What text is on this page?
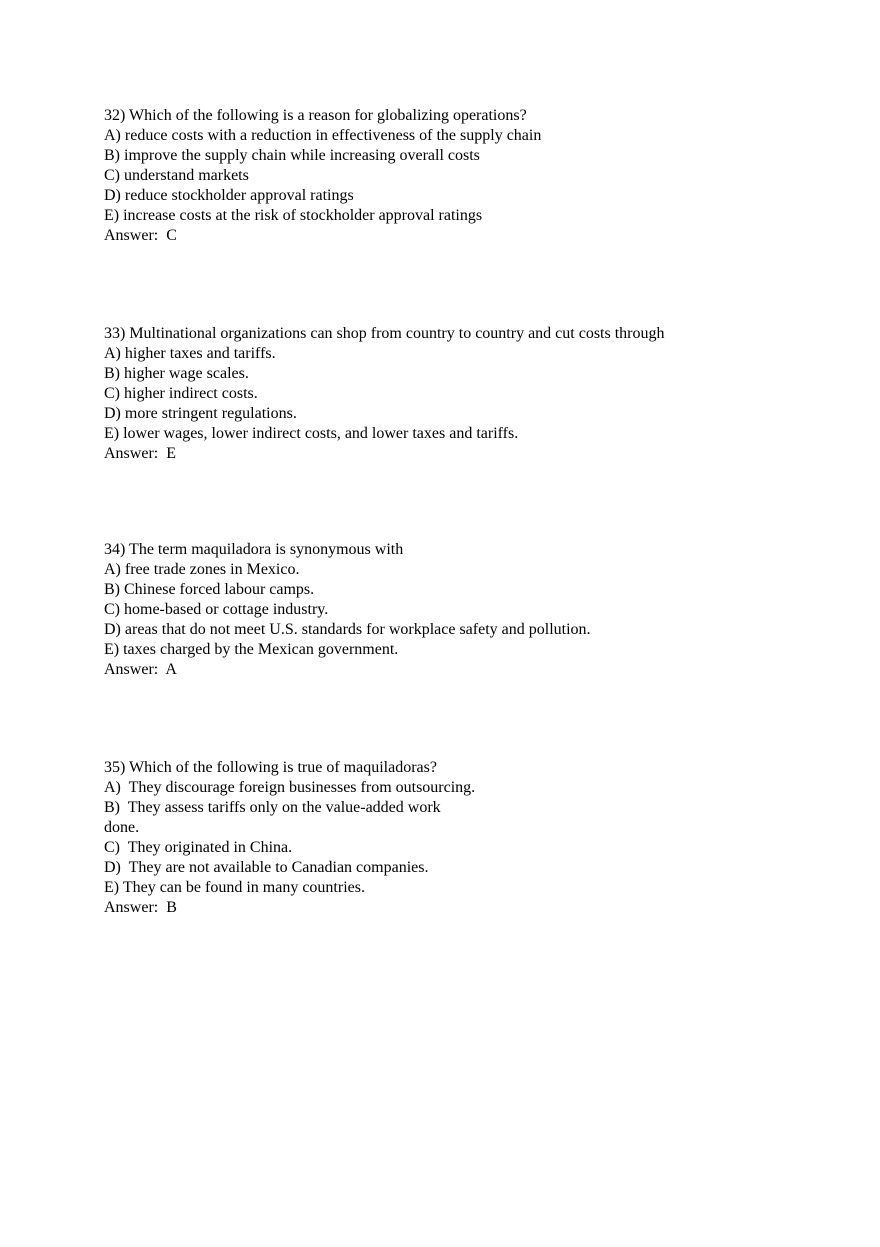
32) Which of the following is a reason for globalizing operations?
A) reduce costs with a reduction in effectiveness of the supply chain
B) improve the supply chain while increasing overall costs
C) understand markets
D) reduce stockholder approval ratings
E) increase costs at the risk of stockholder approval ratings
Answer:  C
33) Multinational organizations can shop from country to country and cut costs through
A) higher taxes and tariffs.
B) higher wage scales.
C) higher indirect costs.
D) more stringent regulations.
E) lower wages, lower indirect costs, and lower taxes and tariffs.
Answer:  E
34) The term maquiladora is synonymous with
A) free trade zones in Mexico.
B) Chinese forced labour camps.
C) home-based or cottage industry.
D) areas that do not meet U.S. standards for workplace safety and pollution.
E) taxes charged by the Mexican government.
Answer:  A
35) Which of the following is true of maquiladoras?
A)  They discourage foreign businesses from outsourcing.
B)  They assess tariffs only on the value-added work
done.
C)  They originated in China.
D)  They are not available to Canadian companies.
E) They can be found in many countries.
Answer:  B
